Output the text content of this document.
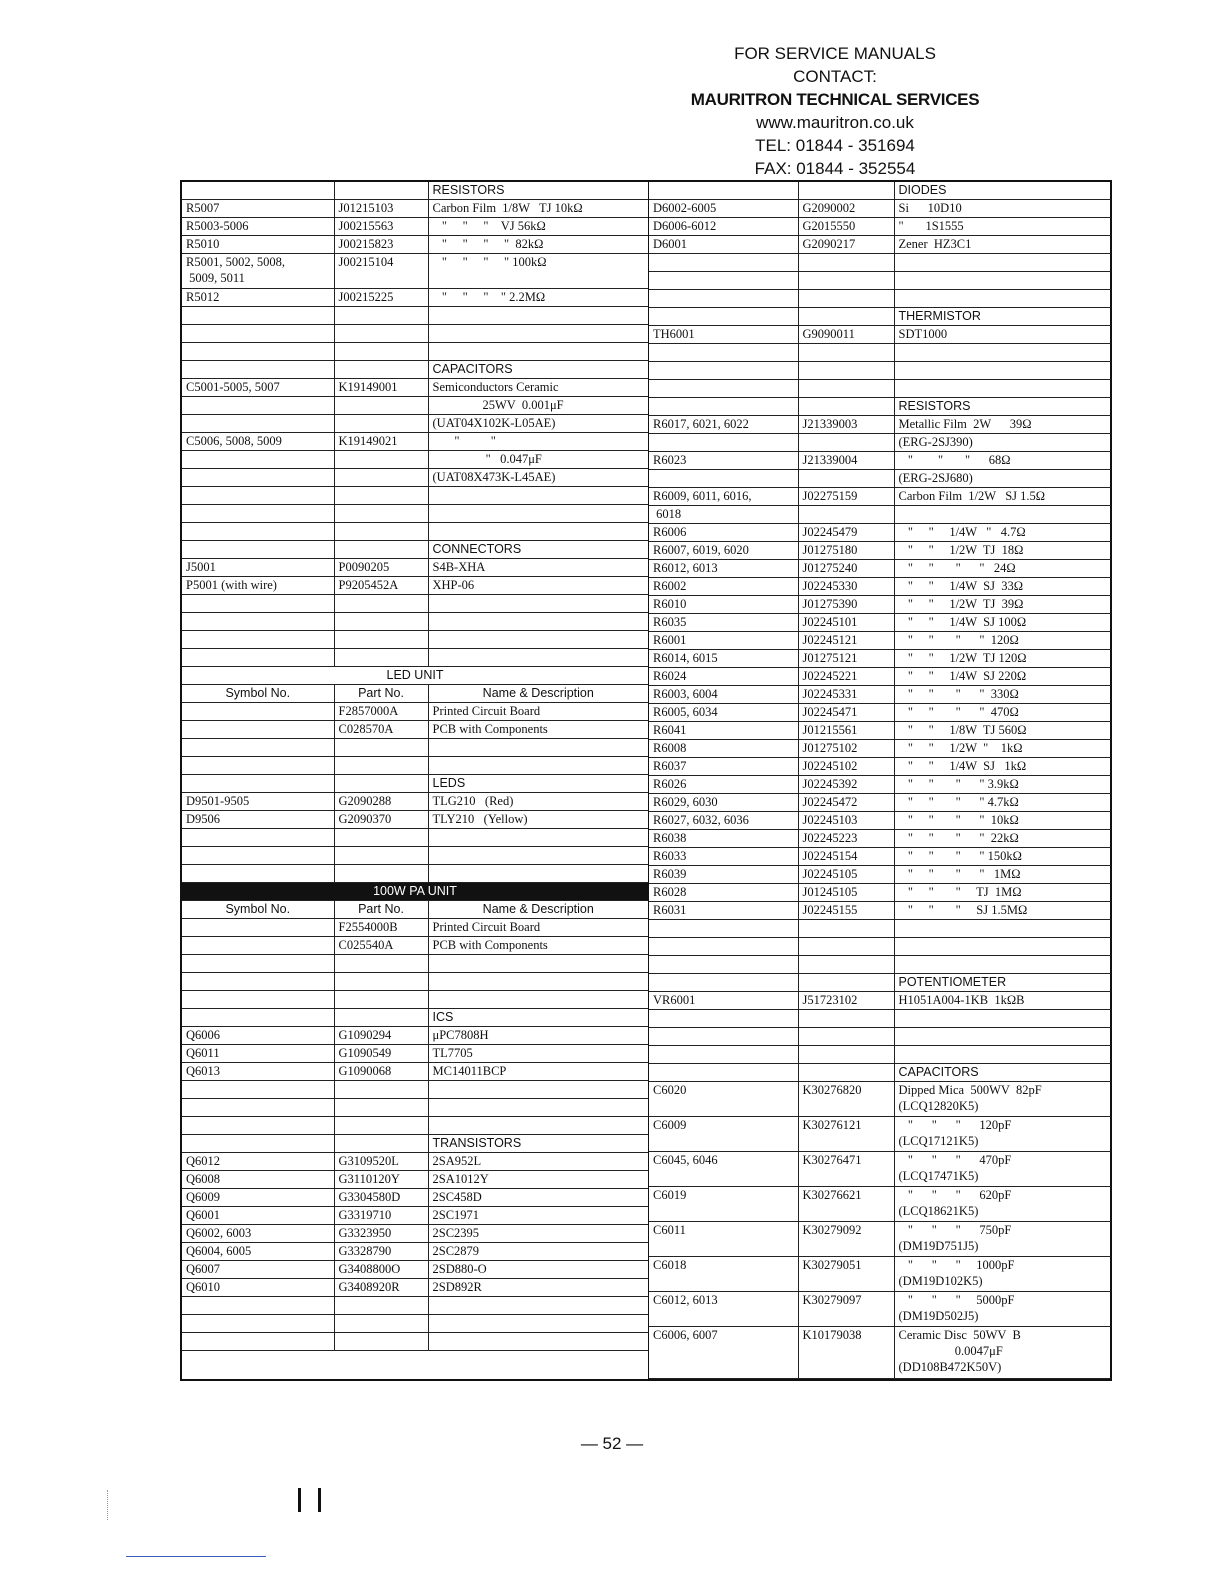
FOR SERVICE MANUALS
CONTACT:
MAURITRON TECHNICAL SERVICES
www.mauritron.co.uk
TEL: 01844 - 351694
FAX: 01844 - 352554
		RESISTORS
R5007	J01215103	Carbon Film  1/8W   TJ 10kΩ
R5003-5006	J00215563	"     "     "    VJ 56kΩ
R5010	J00215823	"     "     "     "  82kΩ
R5001, 5002, 5008,
5009, 5011	J00215104	"     "     "     " 100kΩ
R5012	J00215225	"     "     "    " 2.2MΩ

		CAPACITORS
C5001-5005, 5007	K19149001	Semiconductors Ceramic
		25WV  0.001μF
		(UAT04X102K-L05AE)
C5006, 5008, 5009	K19149021	"          "
		"   0.047μF
		(UAT08X473K-L45AE)

		CONNECTORS
J5001	P0090205	S4B-XHA
P5001 (with wire)	P9205452A	XHP-06

LED UNIT		
Symbol No.	Part No.	Name & Description
	F2857000A	Printed Circuit Board
	C028570A	PCB with Components

		LEDS
D9501-9505	G2090288	TLG210   (Red)
D9506	G2090370	TLY210   (Yellow)

100W PA UNIT		
Symbol No.	Part No.	Name & Description
	F2554000B	Printed Circuit Board
	C025540A	PCB with Components

		ICS
Q6006	G1090294	μPC7808H
Q6011	G1090549	TL7705
Q6013	G1090068	MC14011BCP

		TRANSISTORS
Q6012	G3109520L	2SA952L
Q6008	G3110120Y	2SA1012Y
Q6009	G3304580D	2SC458D
Q6001	G3319710	2SC1971
Q6002, 6003	G3323950	2SC2395
Q6004, 6005	G3328790	2SC2879
Q6007	G3408800O	2SD880-O
Q6010	G3408920R	2SD892R

		DIODES
D6002-6005	G2090002	Si      10D10
D6006-6012	G2015550	"       1S1555
D6001	G2090217	Zener  HZ3C1

		THERMISTOR
TH6001	G9090011	SDT1000

		RESISTORS
R6017, 6021, 6022	J21339003	Metallic Film  2W      39Ω
		(ERG-2SJ390)
R6023	J21339004	"        "       "      68Ω
		(ERG-2SJ680)
R6009, 6011, 6016,	J02275159	Carbon Film  1/2W   SJ 1.5Ω
6018		
R6006	J02245479	"     "     1/4W   "   4.7Ω
R6007, 6019, 6020	J01275180	"     "     1/2W  TJ  18Ω
R6012, 6013	J01275240	"     "       "      "   24Ω
R6002	J02245330	"     "     1/4W  SJ  33Ω
R6010	J01275390	"     "     1/2W  TJ  39Ω
R6035	J02245101	"     "     1/4W  SJ 100Ω
R6001	J02245121	"     "       "      "  120Ω
R6014, 6015	J01275121	"     "     1/2W  TJ 120Ω
R6024	J02245221	"     "     1/4W  SJ 220Ω
R6003, 6004	J02245331	"     "       "      "  330Ω
R6005, 6034	J02245471	"     "       "      "  470Ω
R6041	J01215561	"     "     1/8W  TJ 560Ω
R6008	J01275102	"     "     1/2W  "    1kΩ
R6037	J02245102	"     "     1/4W  SJ   1kΩ
R6026	J02245392	"     "       "      " 3.9kΩ
R6029, 6030	J02245472	"     "       "      " 4.7kΩ
R6027, 6032, 6036	J02245103	"     "       "      "  10kΩ
R6038	J02245223	"     "       "      "  22kΩ
R6033	J02245154	"     "       "      " 150kΩ
R6039	J02245105	"     "       "      "   1MΩ
R6028	J01245105	"     "       "     TJ  1MΩ
R6031	J02245155	"     "       "     SJ 1.5MΩ

		POTENTIOMETER
VR6001	J51723102	H1051A004-1KB  1kΩB

		CAPACITORS
C6020	K30276820	Dipped Mica  500WV  82pF
(LCQ12820K5)
C6009	K30276121	"      "      "      120pF
(LCQ17121K5)
C6045, 6046	K30276471	"      "      "      470pF
(LCQ17471K5)
C6019	K30276621	"      "      "      620pF
(LCQ18621K5)
C6011	K30279092	"      "      "      750pF
(DM19D751J5)
C6018	K30279051	"      "      "     1000pF
(DM19D102K5)
C6012, 6013	K30279097	"      "      "     5000pF
(DM19D502J5)
C6006, 6007	K10179038	Ceramic Disc  50WV  B
0.0047μF
(DD108B472K50V)
— 52 —
